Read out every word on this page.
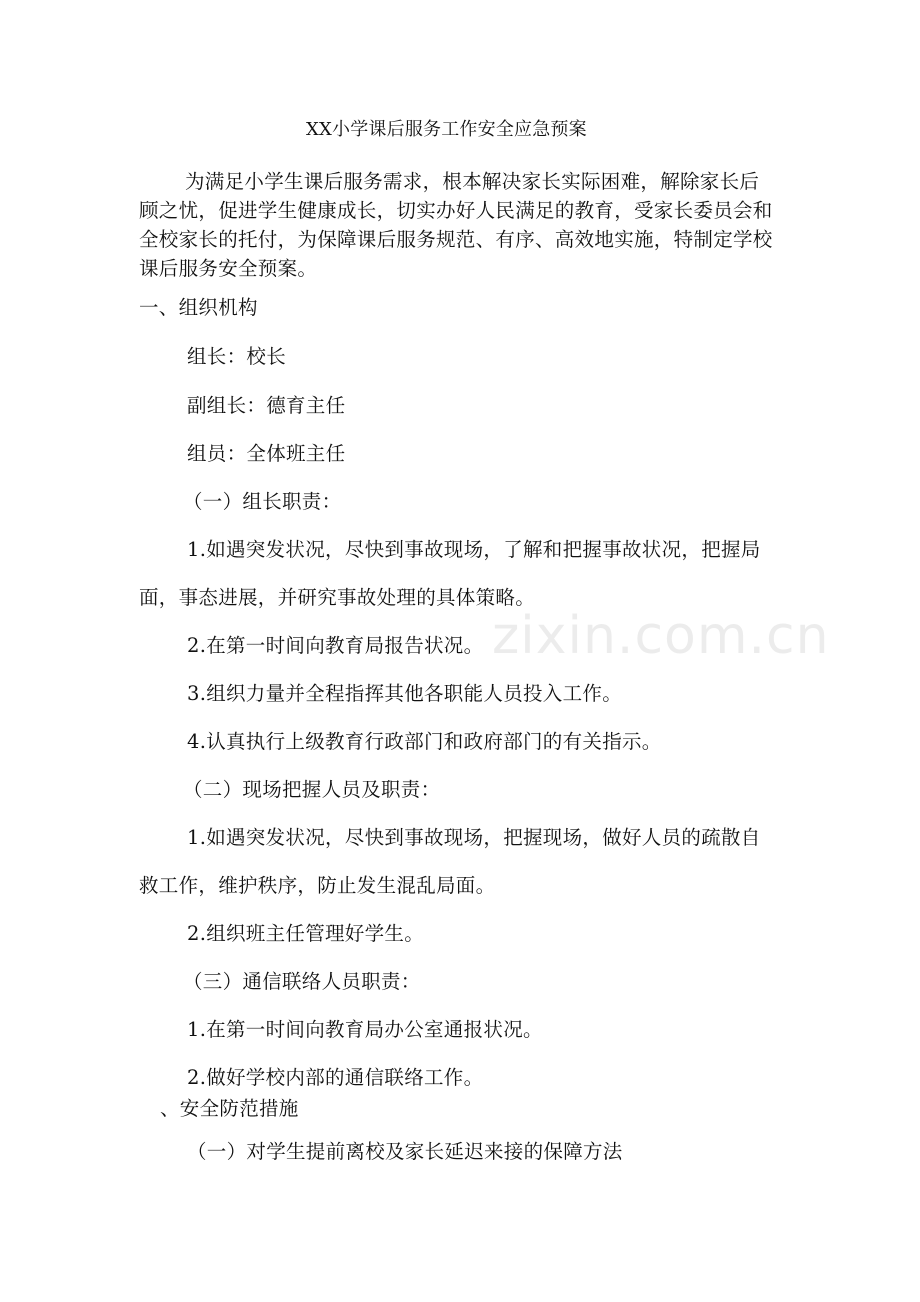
XX小学课后服务工作安全应急预案
为满足小学生课后服务需求，根本解决家长实际困难，解除家长后
顾之忧，促进学生健康成长，切实办好人民满足的教育，受家长委员会和
全校家长的托付，为保障课后服务规范、有序、高效地实施，特制定学校
课后服务安全预案。
一、组织机构
组长：校长
副组长：德育主任
组员：全体班主任
（一）组长职责：
1.如遇突发状况，尽快到事故现场，了解和把握事故状况，把握局
面，事态进展，并研究事故处理的具体策略。
2.在第一时间向教育局报告状况。
3.组织力量并全程指挥其他各职能人员投入工作。
4.认真执行上级教育行政部门和政府部门的有关指示。
（二）现场把握人员及职责：
1.如遇突发状况，尽快到事故现场，把握现场，做好人员的疏散自
救工作，维护秩序，防止发生混乱局面。
2.组织班主任管理好学生。
（三）通信联络人员职责：
1.在第一时间向教育局办公室通报状况。
2.做好学校内部的通信联络工作。
、安全防范措施
（一）对学生提前离校及家长延迟来接的保障方法
zixin.com.cn
